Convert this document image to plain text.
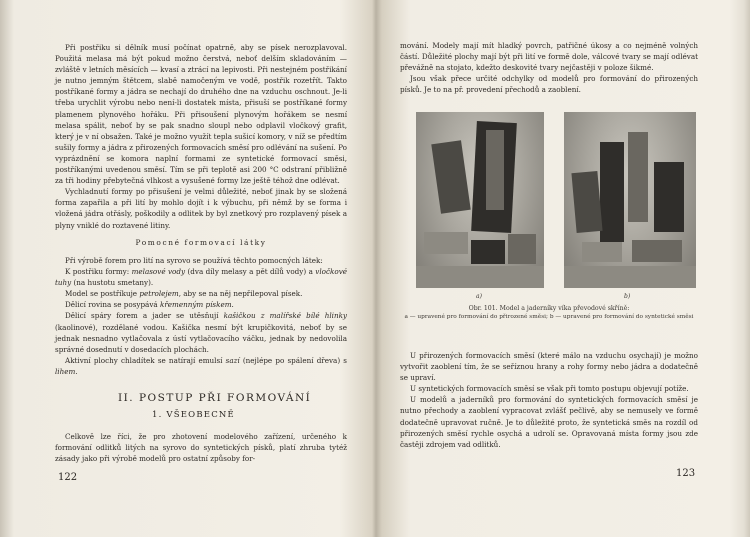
Při postřiku si dělník musí počínat opatrně, aby se písek nerozplavoval. Použitá melasa má být pokud možno čerstvá, neboť delším skladováním — zvláště v letních měsících — kvasí a ztrácí na lepivosti. Při nestejném postřikání je nutno jemným štětcem, slabě namočeným ve vodě, postřik rozetřít. Takto postříkané formy a jádra se nechají do druhého dne na vzduchu oschnout. Je-li třeba urychlit výrobu nebo není-li dostatek místa, přisuší se postříkané formy plamenem plynového hořáku. Při přisoušení plynovým hořákem se nesmí melasa spálit, neboť by se pak snadno sloupl nebo odplavil vločkový grafit, který je v ní obsažen. Také je možno využít tepla sušicí komory, v níž se předtím sušily formy a jádra z přirozených formovacích směsí pro odlévání na sušení. Po vyprázdnění se komora naplní formami ze syntetické formovací směsi, postříkanými uvedenou směsí. Tím se při teplotě asi 200 °C odstraní přibližně za tři hodiny přebytečná vlhkost a vysušené formy lze ještě téhož dne odlévat.

Vychladnutí formy po přisušení je velmi důležité, neboť jinak by se složená forma zapařila a při lití by mohlo dojít i k výbuchu, při němž by se forma i vložená jádra otřásly, poškodily a odlitek by byl znetkový pro rozplavený písek a plyny vniklé do roztavené litiny.

Pomocné formovací látky

Při výrobě forem pro lití na syrovo se používá těchto pomocných látek:

K postřiku formy: melasové vody (dva díly melasy a pět dílů vody) a vločkové tuhy (na hustotu smetany).

Model se postříkuje petrolejem, aby se na něj nepřilepoval písek.

Dělicí rovina se posypává křemenným pískem.

Dělicí spáry forem a jader se utěsňují kašičkou z malířské bílé hlinky (kaolinové), rozdělané vodou. Kašička nesmí být krupičkovitá, neboť by se jednak nesnadno vytlačovala z ústí vytlačovacího váčku, jednak by nedovolila správné dosednutí v dosedacích plochách.

Aktivní plochy chladítek se natírají emulsí sazí (nejlépe po spálení dřeva) s lihem.

II. POSTUP PŘI FORMOVÁNÍ
1. VŠEOBECNĚ

Celkově lze říci, že pro zhotovení modelového zařízení, určeného k formování odlitků litých na syrovo do syntetických písků, platí zhruba tytéž zásady jako při výrobě modelů pro ostatní způsoby for-

122

mování. Modely mají mít hladký povrch, patřičné úkosy a co nejméně volných částí. Důležité plochy mají být při lití ve formě dole, válcové tvary se mají odlévat převážně na stojato, kdežto deskovité tvary nejčastěji v poloze šikmé.

Jsou však přece určité odchylky od modelů pro formování do přirozených písků. Je to na př. provedení přechodů a zaoblení.

a)	b)
Obr. 101. Model a jaderníky víka převodové skříně:
a — upravené pro formování do přirozené směsi; b — upravené pro formování do syntetické směsi

U přirozených formovacích směsí (které málo na vzduchu osychají) je možno vytvořit zaoblení tím, že se seříznou hrany a rohy formy nebo jádra a dodatečně se upraví.

U syntetických formovacích směsí se však při tomto postupu objevují potíže.

U modelů a jaderníků pro formování do syntetických formovacích směsí je nutno přechody a zaoblení vypracovat zvlášť pečlivě, aby se nemusely ve formě dodatečně upravovat ručně. Je to důležité proto, že syntetická směs na rozdíl od přirozených směsí rychle osychá a udrolí se. Opravovaná místa formy jsou zde častěji zdrojem vad odlitků.

123
